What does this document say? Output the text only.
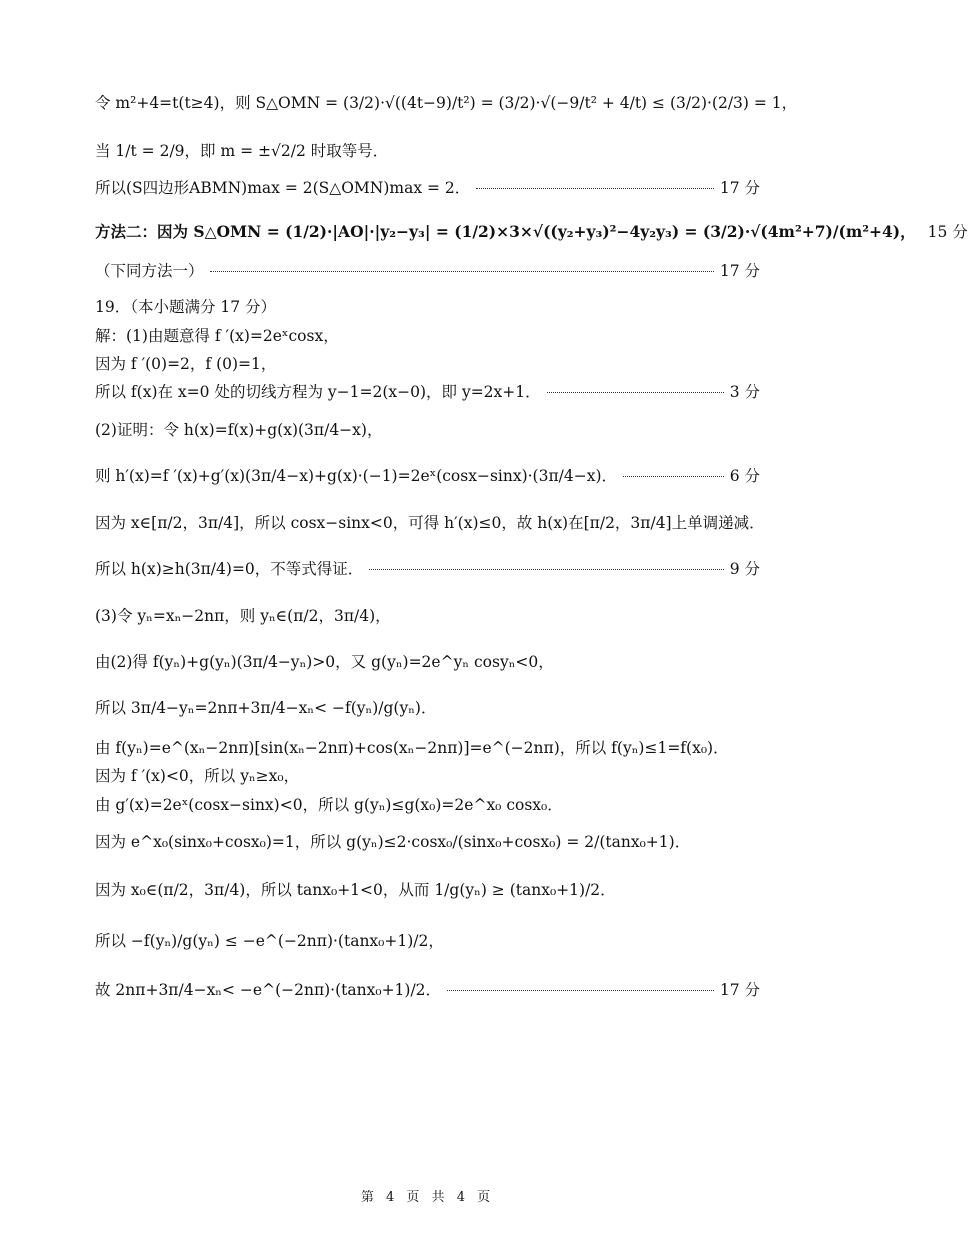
令 m²+4=t(t≥4)，则 S△OMN = (3/2)·√((4t−9)/t²) = (3/2)·√(−9/t² + 4/t) ≤ (3/2)·(2/3) = 1，
当 1/t = 2/9，即 m = ±√2/2 时取等号．
所以(S四边形ABMN)max = 2(S△OMN)max = 2．	17 分
方法二：因为 S△OMN = (1/2)·|AO|·|y₂−y₃| = (1/2)×3×√((y₂+y₃)²−4y₂y₃) = (3/2)·√(4m²+7)/(m²+4)， 15 分
（下同方法一）	17 分
19．（本小题满分 17 分）
解：(1)由题意得 f ′(x)=2eˣcosx，
因为 f ′(0)=2，f (0)=1，
所以 f(x)在 x=0 处的切线方程为 y−1=2(x−0)，即 y=2x+1．	3 分
(2)证明：令 h(x)=f(x)+g(x)(3π/4−x)，
则 h′(x)=f ′(x)+g′(x)(3π/4−x)+g(x)·(−1)=2eˣ(cosx−sinx)·(3π/4−x)．	6 分
因为 x∈[π/2，3π/4]，所以 cosx−sinx<0，可得 h′(x)≤0，故 h(x)在[π/2，3π/4]上单调递减．
所以 h(x)≥h(3π/4)=0，不等式得证．	9 分
(3)令 yₙ=xₙ−2nπ，则 yₙ∈(π/2，3π/4)，
由(2)得 f(yₙ)+g(yₙ)(3π/4−yₙ)>0，又 g(yₙ)=2e^yₙ cosyₙ<0，
所以 3π/4−yₙ=2nπ+3π/4−xₙ< −f(yₙ)/g(yₙ)．
由 f(yₙ)=e^(xₙ−2nπ)[sin(xₙ−2nπ)+cos(xₙ−2nπ)]=e^(−2nπ)，所以 f(yₙ)≤1=f(x₀)．
因为 f ′(x)<0，所以 yₙ≥x₀，
由 g′(x)=2eˣ(cosx−sinx)<0，所以 g(yₙ)≤g(x₀)=2e^x₀ cosx₀．
因为 e^x₀(sinx₀+cosx₀)=1，所以 g(yₙ)≤2·cosx₀/(sinx₀+cosx₀) = 2/(tanx₀+1)．
因为 x₀∈(π/2，3π/4)，所以 tanx₀+1<0，从而 1/g(yₙ) ≥ (tanx₀+1)/2．
所以 −f(yₙ)/g(yₙ) ≤ −e^(−2nπ)·(tanx₀+1)/2，
故 2nπ+3π/4−xₙ< −e^(−2nπ)·(tanx₀+1)/2．	17 分
第 4 页 共 4 页
